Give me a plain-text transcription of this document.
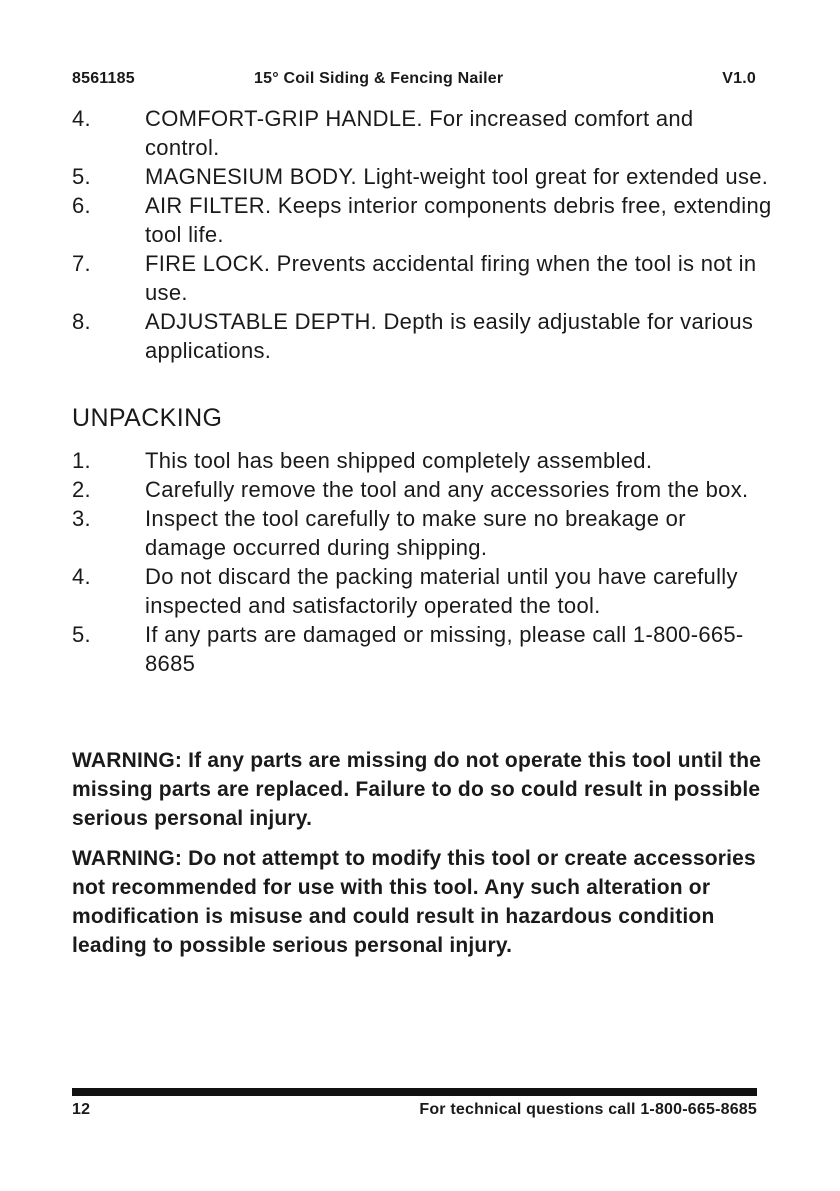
8561185	15° Coil Siding & Fencing Nailer	V1.0
4. COMFORT-GRIP HANDLE. For increased comfort and control.
5. MAGNESIUM BODY. Light-weight tool great for extended use.
6. AIR FILTER. Keeps interior components debris free, extending tool life.
7. FIRE LOCK. Prevents accidental firing when the tool is not in use.
8. ADJUSTABLE DEPTH. Depth is easily adjustable for various applications.
UNPACKING
1. This tool has been shipped completely assembled.
2. Carefully remove the tool and any accessories from the box.
3. Inspect the tool carefully to make sure no breakage or damage occurred during shipping.
4. Do not discard the packing material until you have carefully inspected and satisfactorily operated the tool.
5. If any parts are damaged or missing, please call 1-800-665-8685

WARNING: If any parts are missing do not operate this tool until the missing parts are replaced. Failure to do so could result in possible serious personal injury.

WARNING: Do not attempt to modify this tool or create accessories not recommended for use with this tool. Any such alteration or modification is misuse and could result in hazardous condition leading to possible serious personal injury.

12	For technical questions call 1-800-665-8685
